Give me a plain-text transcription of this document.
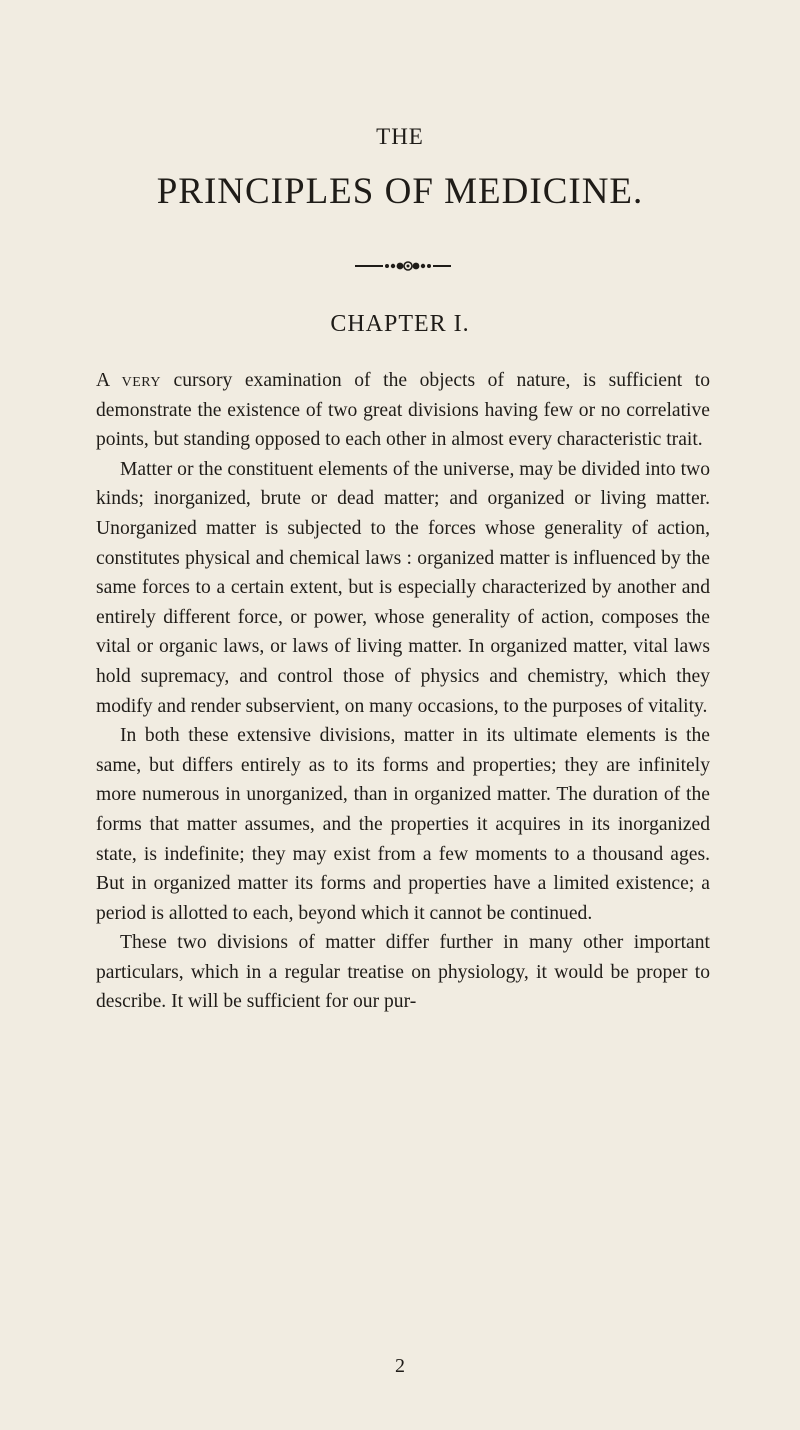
THE
PRINCIPLES OF MEDICINE.
CHAPTER I.

A very cursory examination of the objects of nature, is sufficient to demonstrate the existence of two great divisions having few or no correlative points, but standing opposed to each other in almost every characteristic trait.

Matter or the constituent elements of the universe, may be divided into two kinds; inorganized, brute or dead matter; and organized or living matter. Unorganized matter is subjected to the forces whose generality of action, constitutes physical and chemical laws : organized matter is influenced by the same forces to a certain extent, but is especially characterized by another and entirely different force, or power, whose generality of action, composes the vital or organic laws, or laws of living matter. In organized matter, vital laws hold supremacy, and control those of physics and chemistry, which they modify and render subservient, on many occasions, to the purposes of vitality.

In both these extensive divisions, matter in its ultimate elements is the same, but differs entirely as to its forms and properties; they are infinitely more numerous in unorganized, than in organized matter. The duration of the forms that matter assumes, and the properties it acquires in its inorganized state, is indefinite; they may exist from a few moments to a thousand ages. But in organized matter its forms and properties have a limited existence; a period is allotted to each, beyond which it cannot be continued.

These two divisions of matter differ further in many other important particulars, which in a regular treatise on physiology, it would be proper to describe. It will be sufficient for our pur-

2
